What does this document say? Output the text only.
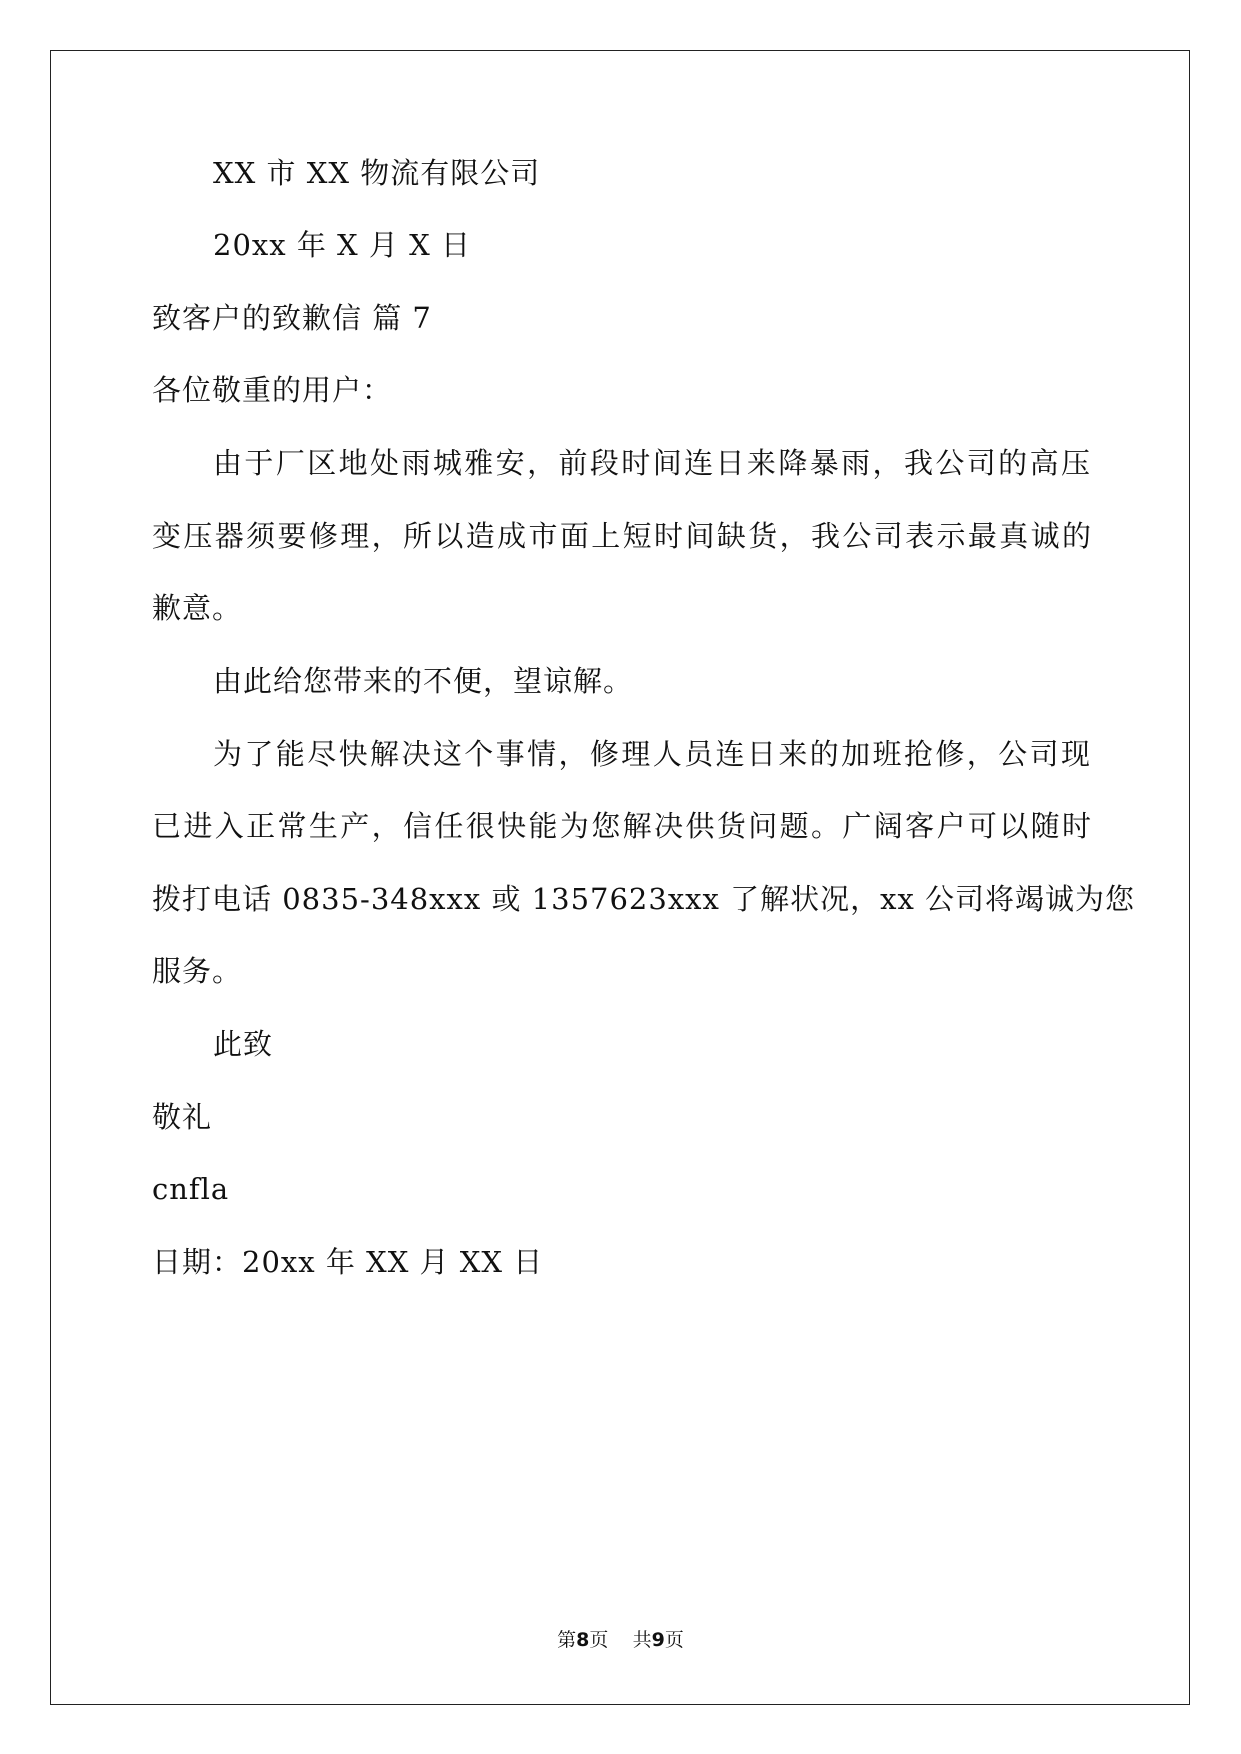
XX 市 XX 物流有限公司
20xx 年 X 月 X 日
致客户的致歉信 篇 7
各位敬重的用户：
由于厂区地处雨城雅安，前段时间连日来降暴雨，我公司的高压
变压器须要修理，所以造成市面上短时间缺货，我公司表示最真诚的
歉意。
由此给您带来的不便，望谅解。
为了能尽快解决这个事情，修理人员连日来的加班抢修，公司现
已进入正常生产，信任很快能为您解决供货问题。广阔客户可以随时
拨打电话 0835-348xxx 或 1357623xxx 了解状况，xx 公司将竭诚为您
服务。
此致
敬礼
cnfla
日期：20xx 年 XX 月 XX 日
第8页    共9页
